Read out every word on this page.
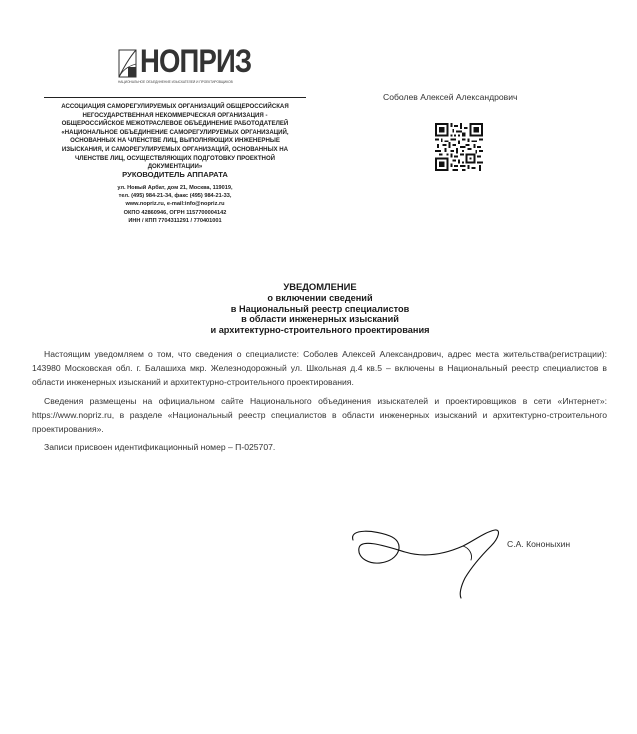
НОПРИЗ
НАЦИОНАЛЬНОЕ ОБЪЕДИНЕНИЕ ИЗЫСКАТЕЛЕЙ И ПРОЕКТИРОВЩИКОВ
АССОЦИАЦИЯ САМОРЕГУЛИРУЕМЫХ ОРГАНИЗАЦИЙ ОБЩЕРОССИЙСКАЯ
НЕГОСУДАРСТВЕННАЯ НЕКОММЕРЧЕСКАЯ ОРГАНИЗАЦИЯ -
ОБЩЕРОССИЙСКОЕ МЕЖОТРАСЛЕВОЕ ОБЪЕДИНЕНИЕ РАБОТОДАТЕЛЕЙ
«НАЦИОНАЛЬНОЕ ОБЪЕДИНЕНИЕ САМОРЕГУЛИРУЕМЫХ ОРГАНИЗАЦИЙ,
ОСНОВАННЫХ НА ЧЛЕНСТВЕ ЛИЦ, ВЫПОЛНЯЮЩИХ ИНЖЕНЕРНЫЕ
ИЗЫСКАНИЯ, И САМОРЕГУЛИРУЕМЫХ ОРГАНИЗАЦИЙ, ОСНОВАННЫХ НА
ЧЛЕНСТВЕ ЛИЦ, ОСУЩЕСТВЛЯЮЩИХ ПОДГОТОВКУ ПРОЕКТНОЙ
ДОКУМЕНТАЦИИ»
РУКОВОДИТЕЛЬ АППАРАТА
ул. Новый Арбат, дом 21, Москва, 119019,
тел. (495) 984-21-34, факс (495) 984-21-33,
www.nopriz.ru, e-mail:info@nopriz.ru
ОКПО 42860946, ОГРН 1157700004142
ИНН / КПП 7704311291 / 770401001
Соболев Алексей Александрович
УВЕДОМЛЕНИЕ
о включении сведений
в Национальный реестр специалистов
в области инженерных изысканий
и архитектурно-строительного проектирования

Настоящим уведомляем о том, что сведения о специалисте: Соболев Алексей Александрович, адрес места жительства(регистрации): 143980 Московская обл. г. Балашиха мкр. Железнодорожный ул. Школьная д.4 кв.5 – включены в Национальный реестр специалистов в области инженерных изысканий и архитектурно-строительного проектирования.

Сведения размещены на официальном сайте Национального объединения изыскателей и проектировщиков в сети «Интернет»: https://www.nopriz.ru, в разделе «Национальный реестр специалистов в области инженерных изысканий и архитектурно-строительного проектирования».

Записи присвоен идентификационный номер – П-025707.

С.А. Кононыхин
